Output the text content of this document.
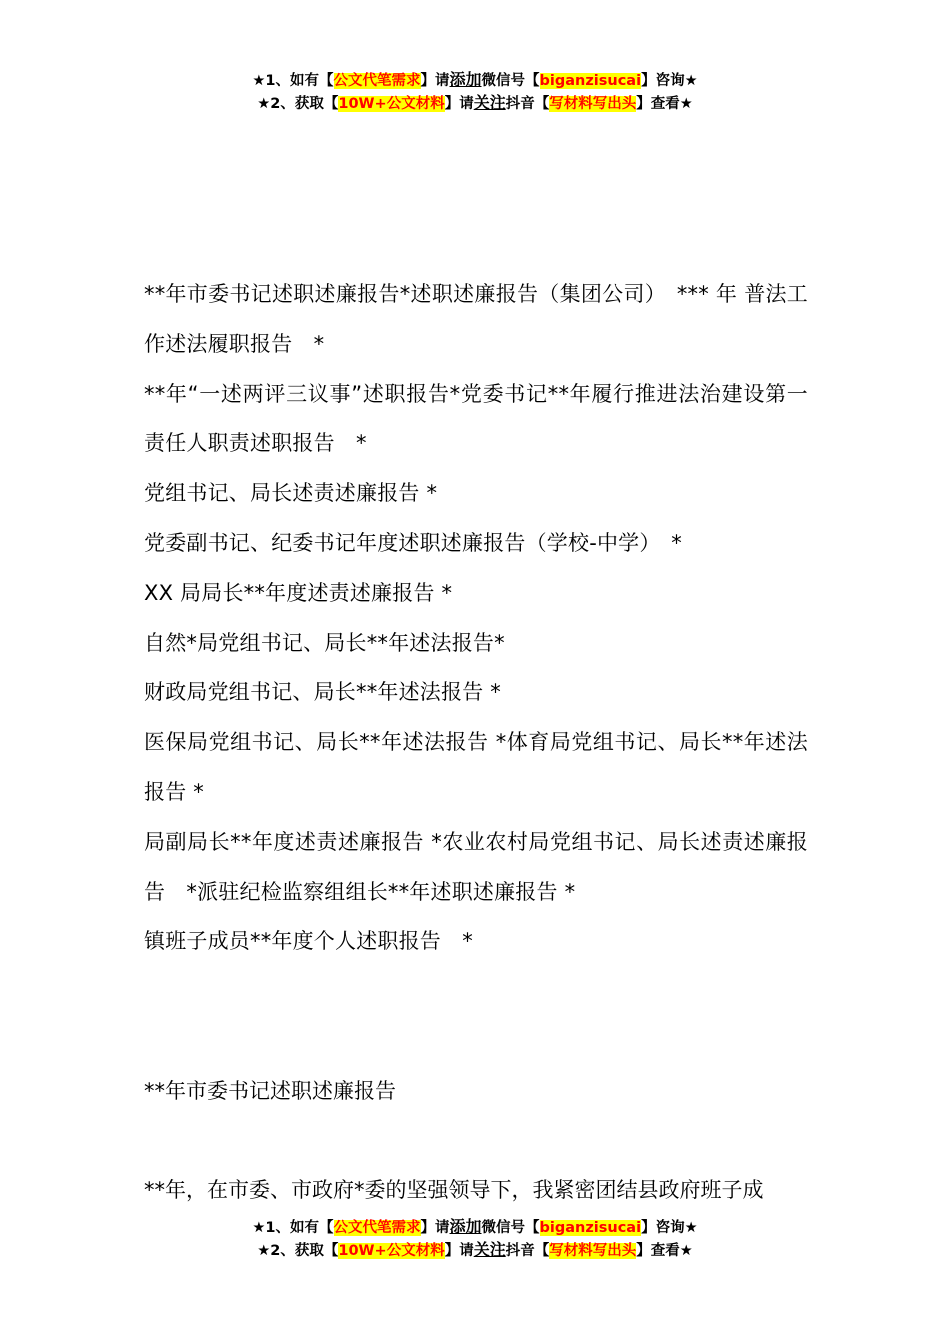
★1、如有【公文代笔需求】请添加微信号【biganzisucai】咨询★
★2、获取【10W+公文材料】请关注抖音【写材料写出头】查看★

**年市委书记述职述廉报告*述职述廉报告（集团公司）　*** 年 普法工作述法履职报告　*

**年“一述两评三议事”述职报告*党委书记**年履行推进法治建设第一责任人职责述职报告　*

党组书记、局长述责述廉报告 *

党委副书记、纪委书记年度述职述廉报告（学校-中学）　*

XX 局局长**年度述责述廉报告 *

自然*局党组书记、局长**年述法报告*

财政局党组书记、局长**年述法报告 *

医保局党组书记、局长**年述法报告 *体育局党组书记、局长**年述法报告 *

局副局长**年度述责述廉报告 *农业农村局党组书记、局长述责述廉报告　*派驻纪检监察组组长**年述职述廉报告 *

镇班子成员**年度个人述职报告　*

**年市委书记述职述廉报告
**年，在市委、市政府*委的坚强领导下，我紧密团结县政府班子成
★1、如有【公文代笔需求】请添加微信号【biganzisucai】咨询★
★2、获取【10W+公文材料】请关注抖音【写材料写出头】查看★
